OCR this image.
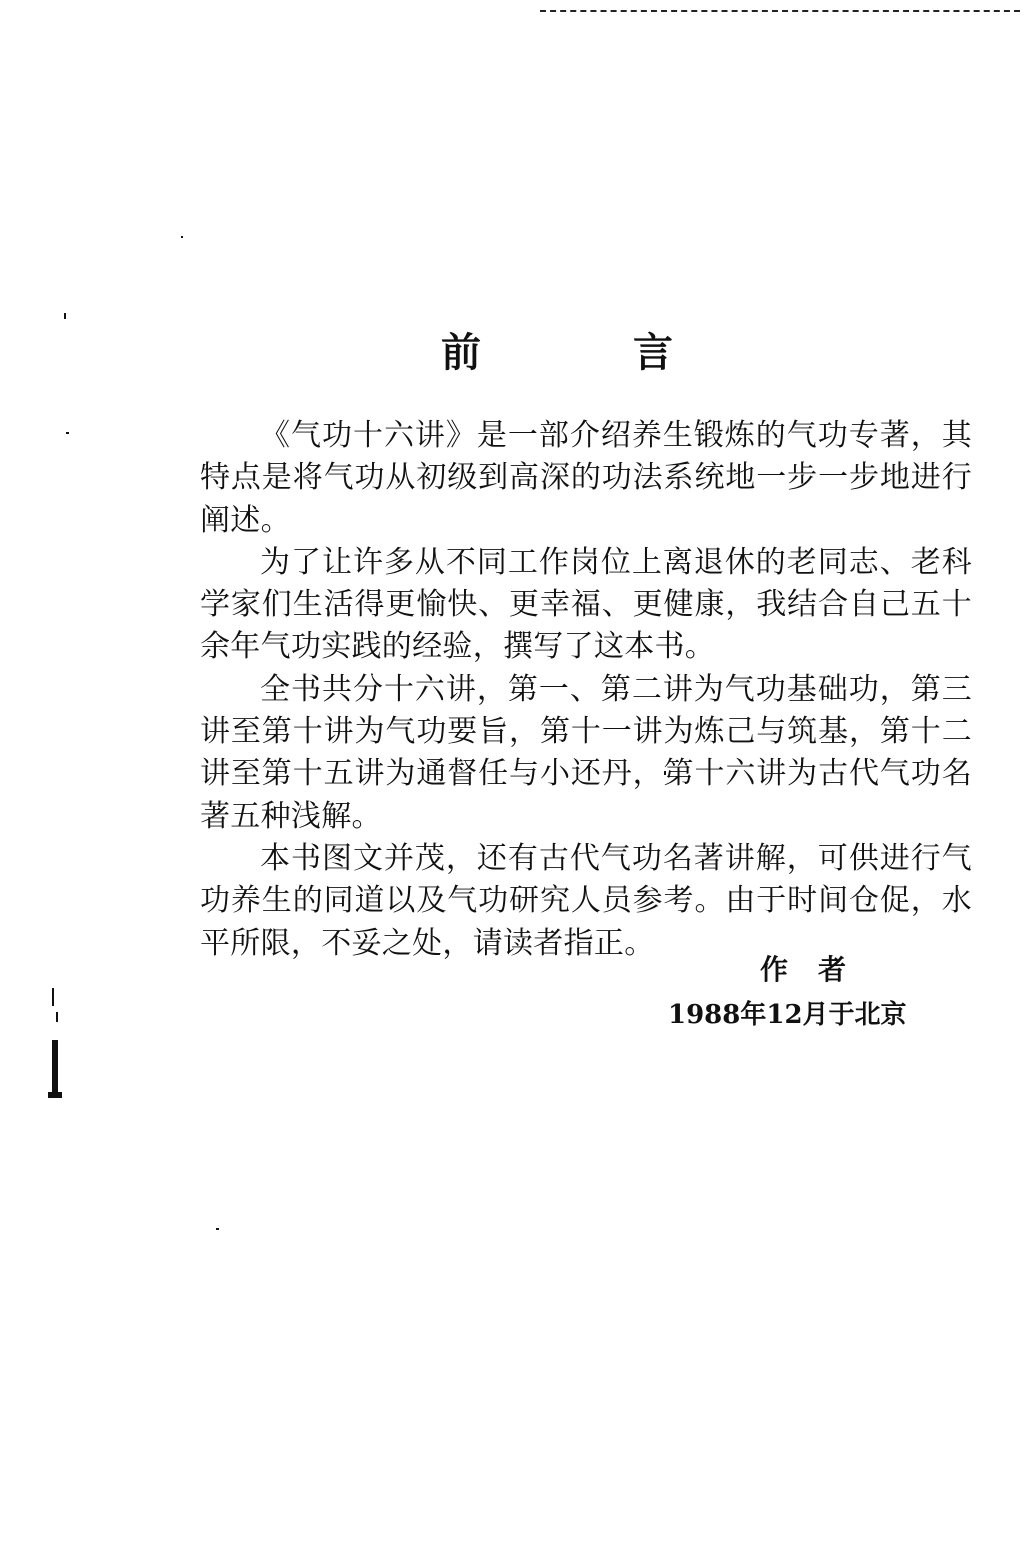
前　言

《气功十六讲》是一部介绍养生锻炼的气功专著，其特点是将气功从初级到高深的功法系统地一步一步地进行阐述。

为了让许多从不同工作岗位上离退休的老同志、老科学家们生活得更愉快、更幸福、更健康，我结合自己五十余年气功实践的经验，撰写了这本书。

全书共分十六讲，第一、第二讲为气功基础功，第三讲至第十讲为气功要旨，第十一讲为炼己与筑基，第十二讲至第十五讲为通督任与小还丹，第十六讲为古代气功名著五种浅解。

本书图文并茂，还有古代气功名著讲解，可供进行气功养生的同道以及气功研究人员参考。由于时间仓促，水平所限，不妥之处，请读者指正。

作者

1988年12月于北京
